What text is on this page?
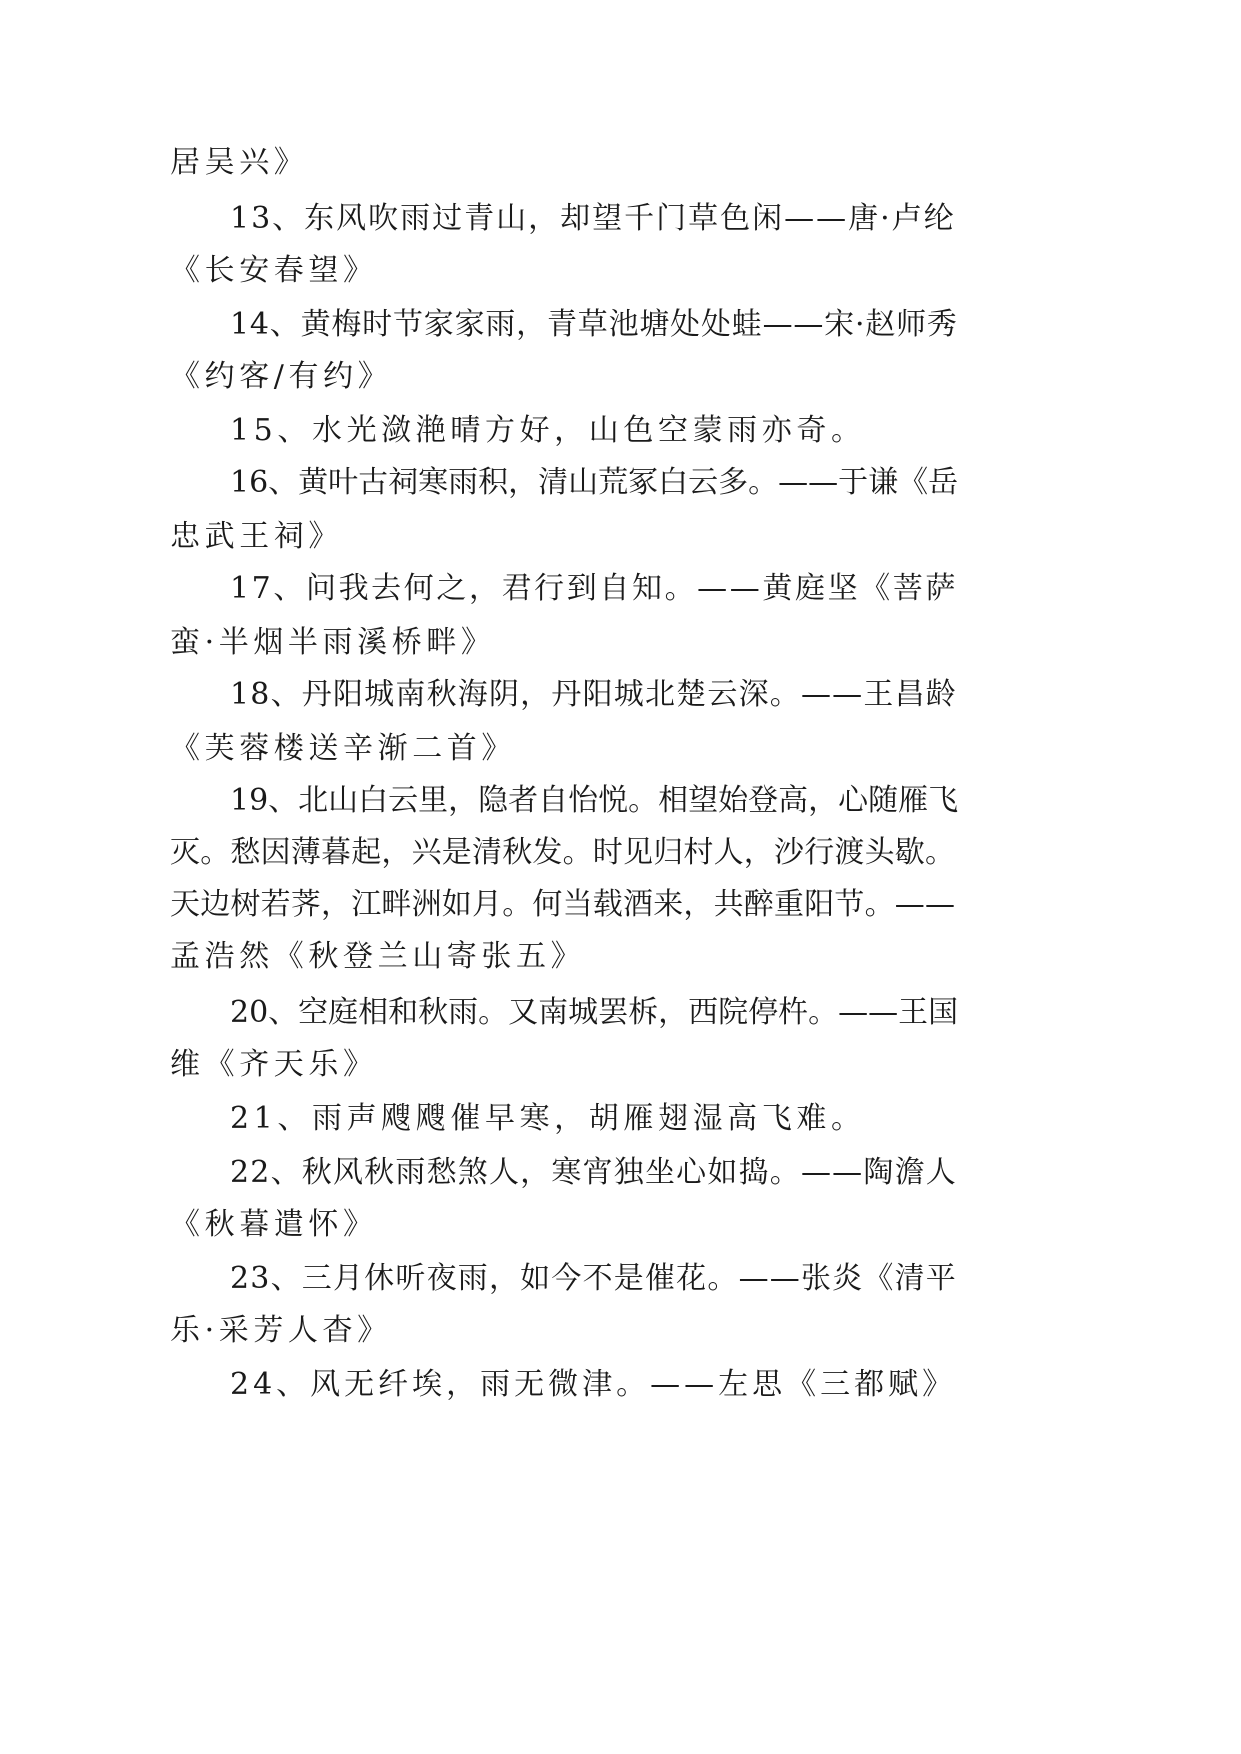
居吴兴》
13、东风吹雨过青山，却望千门草色闲——唐·卢纶
《长安春望》
14、黄梅时节家家雨，青草池塘处处蛙——宋·赵师秀
《约客/有约》
15、水光潋滟晴方好，山色空蒙雨亦奇。
16、黄叶古祠寒雨积，清山荒冢白云多。——于谦《岳
忠武王祠》
17、问我去何之，君行到自知。——黄庭坚《菩萨
蛮·半烟半雨溪桥畔》
18、丹阳城南秋海阴，丹阳城北楚云深。——王昌龄
《芙蓉楼送辛渐二首》
19、北山白云里，隐者自怡悦。相望始登高，心随雁飞
灭。愁因薄暮起，兴是清秋发。时见归村人，沙行渡头歇。
天边树若荠，江畔洲如月。何当载酒来，共醉重阳节。——
孟浩然《秋登兰山寄张五》
20、空庭相和秋雨。又南城罢柝，西院停杵。——王国
维《齐天乐》
21、雨声飕飕催早寒，胡雁翅湿高飞难。
22、秋风秋雨愁煞人，寒宵独坐心如捣。——陶澹人
《秋暮遣怀》
23、三月休听夜雨，如今不是催花。——张炎《清平
乐·采芳人杳》
24、风无纤埃，雨无微津。——左思《三都赋》
